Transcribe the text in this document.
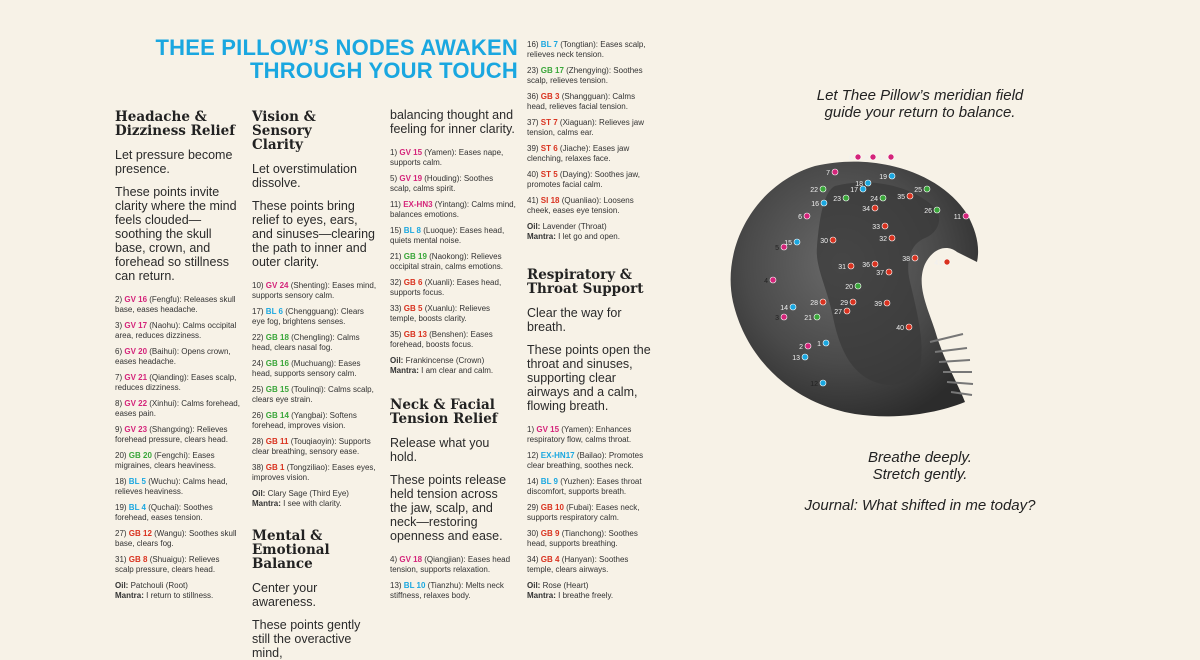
THEE PILLOW’S NODES AWAKEN
THROUGH YOUR TOUCH
Headache &
Dizziness Relief
Let pressure become presence.
These points invite clarity where the mind feels clouded—soothing the skull base, crown, and forehead so stillness can return.
2) GV 16 (Fengfu): Releases skull base, eases headache.
3) GV 17 (Naohu): Calms occipital area, reduces dizziness.
6) GV 20 (Baihui): Opens crown, eases headache.
7) GV 21 (Qianding): Eases scalp, reduces dizziness.
8) GV 22 (Xinhui): Calms forehead, eases pain.
9) GV 23 (Shangxing): Relieves forehead pressure, clears head.
20) GB 20 (Fengchi): Eases migraines, clears heaviness.
18) BL 5 (Wuchu): Calms head, relieves heaviness.
19) BL 4 (Quchai): Soothes forehead, eases tension.
27) GB 12 (Wangu): Soothes skull base, clears fog.
31) GB 8 (Shuaigu): Relieves scalp pressure, clears head.
Oil: Patchouli (Root)
Mantra: I return to stillness.
Vision & Sensory
Clarity
Let overstimulation dissolve.
These points bring relief to eyes, ears, and sinuses—clearing the path to inner and outer clarity.
10) GV 24 (Shenting): Eases mind, supports sensory calm.
17) BL 6 (Chengguang): Clears eye fog, brightens senses.
22) GB 18 (Chengling): Calms head, clears nasal fog.
24) GB 16 (Muchuang): Eases head, supports sensory calm.
25) GB 15 (Toulinqi): Calms scalp, clears eye strain.
26) GB 14 (Yangbai): Softens forehead, improves vision.
28) GB 11 (Touqiaoyin): Supports clear breathing, sensory ease.
38) GB 1 (Tongziliao): Eases eyes, improves vision.
Oil: Clary Sage (Third Eye)
Mantra: I see with clarity.
Mental &
Emotional Balance
Center your awareness.
These points gently still the overactive mind,
balancing thought and feeling for inner clarity.
1) GV 15 (Yamen): Eases nape, supports calm.
5) GV 19 (Houding): Soothes scalp, calms spirit.
11) EX-HN3 (Yintang): Calms mind, balances emotions.
15) BL 8 (Luoque): Eases head, quiets mental noise.
21) GB 19 (Naokong): Relieves occipital strain, calms emotions.
32) GB 6 (Xuanli): Eases head, supports focus.
33) GB 5 (Xuanlu): Relieves temple, boosts clarity.
35) GB 13 (Benshen): Eases forehead, boosts focus.
Oil: Frankincense (Crown)
Mantra: I am clear and calm.
Neck & Facial
Tension Relief
Release what you hold.
These points release held tension across the jaw, scalp, and neck—restoring openness and ease.
4) GV 18 (Qiangjian): Eases head tension, supports relaxation.
13) BL 10 (Tianzhu): Melts neck stiffness, relaxes body.
16) BL 7 (Tongtian): Eases scalp, relieves neck tension.
23) GB 17 (Zhengying): Soothes scalp, relieves tension.
36) GB 3 (Shangguan): Calms head, relieves facial tension.
37) ST 7 (Xiaguan): Relieves jaw tension, calms ear.
39) ST 6 (Jiache): Eases jaw clenching, relaxes face.
40) ST 5 (Daying): Soothes jaw, promotes facial calm.
41) SI 18 (Quanliao): Loosens cheek, eases eye tension.
Oil: Lavender (Throat)
Mantra: I let go and open.
Respiratory &
Throat Support
Clear the way for breath.
These points open the throat and sinuses, supporting clear airways and a calm, flowing breath.
1) GV 15 (Yamen): Enhances respiratory flow, calms throat.
12) EX-HN17 (Bailao): Promotes clear breathing, soothes neck.
14) BL 9 (Yuzhen): Eases throat discomfort, supports breath.
29) GB 10 (Fubai): Eases neck, supports respiratory calm.
30) GB 9 (Tianchong): Soothes head, supports breathing.
34) GB 4 (Hanyan): Soothes temple, clears airways.
Oil: Rose (Heart)
Mantra: I breathe freely.
Let Thee Pillow’s meridian field
guide your return to balance.
1
2
3
4
5
6
7
8 9 10
11
12
13
14
15
16
17
18
19
20
21
22
23	24
25
26
27
28	29
30
31
32
33
34
35
36
37
38
39
40
41
Breathe deeply.
Stretch gently.
Journal: What shifted in me today?
